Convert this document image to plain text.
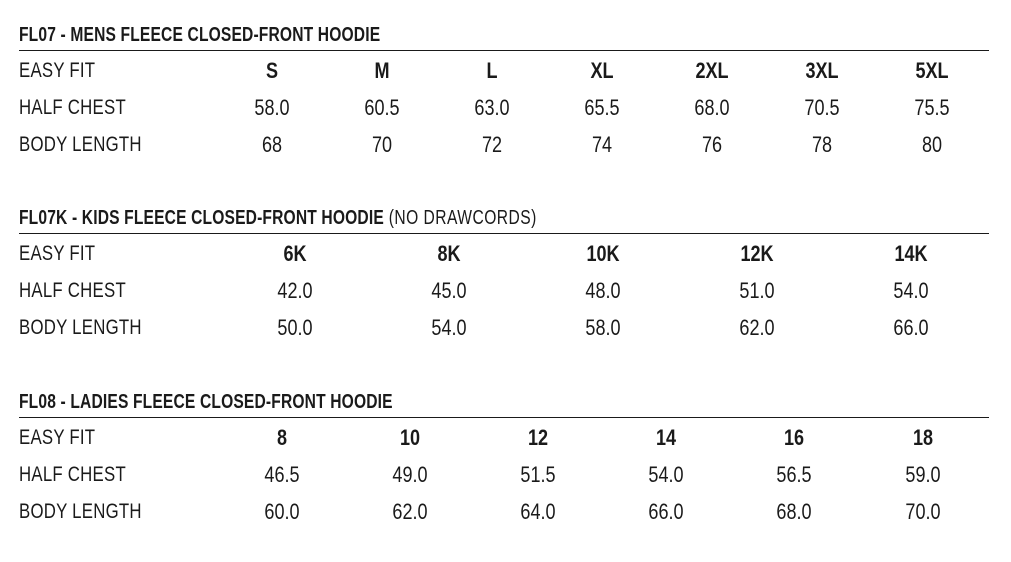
FL07 - MENS FLEECE CLOSED-FRONT HOODIE
EASY FIT	S	M	L	XL	2XL	3XL	5XL
HALF CHEST	58.0	60.5	63.0	65.5	68.0	70.5	75.5
BODY LENGTH	68	70	72	74	76	78	80
FL07K - KIDS FLEECE CLOSED-FRONT HOODIE (NO DRAWCORDS)
EASY FIT	6K	8K	10K	12K	14K
HALF CHEST	42.0	45.0	48.0	51.0	54.0
BODY LENGTH	50.0	54.0	58.0	62.0	66.0
FL08 - LADIES FLEECE CLOSED-FRONT HOODIE
EASY FIT	8	10	12	14	16	18
HALF CHEST	46.5	49.0	51.5	54.0	56.5	59.0
BODY LENGTH	60.0	62.0	64.0	66.0	68.0	70.0
